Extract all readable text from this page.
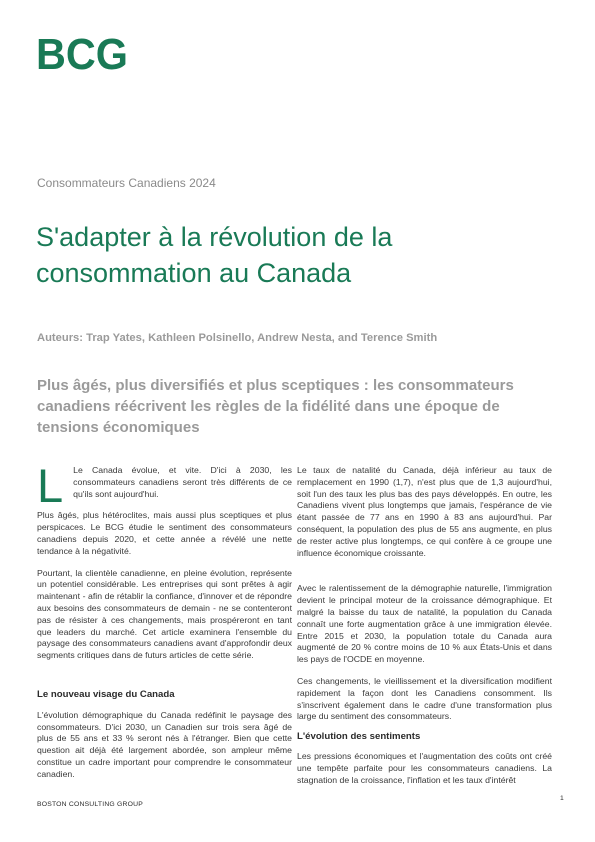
BCG
Consommateurs Canadiens 2024
S'adapter à la révolution de la consommation au Canada
Auteurs: Trap Yates, Kathleen Polsinello, Andrew Nesta, and Terence Smith
Plus âgés, plus diversifiés et plus sceptiques : les consommateurs canadiens réécrivent les règles de la fidélité dans une époque de tensions économiques

L Le Canada évolue, et vite. D'ici à 2030, les consommateurs canadiens seront très différents de ce qu'ils sont aujourd'hui.

Plus âgés, plus hétéroclites, mais aussi plus sceptiques et plus perspicaces. Le BCG étudie le sentiment des consommateurs canadiens depuis 2020, et cette année a révélé une nette tendance à la négativité.

Pourtant, la clientèle canadienne, en pleine évolution, représente un potentiel considérable. Les entreprises qui sont prêtes à agir maintenant - afin de rétablir la confiance, d'innover et de répondre aux besoins des consommateurs de demain - ne se contenteront pas de résister à ces changements, mais prospéreront en tant que leaders du marché. Cet article examinera l'ensemble du paysage des consommateurs canadiens avant d'approfondir deux segments critiques dans de futurs articles de cette série.

Le nouveau visage du Canada

L'évolution démographique du Canada redéfinit le paysage des consommateurs. D'ici 2030, un Canadien sur trois sera âgé de plus de 55 ans et 33 % seront nés à l'étranger. Bien que cette question ait déjà été largement abordée, son ampleur même constitue un cadre important pour comprendre le consommateur canadien.

Le taux de natalité du Canada, déjà inférieur au taux de remplacement en 1990 (1,7), n'est plus que de 1,3 aujourd'hui, soit l'un des taux les plus bas des pays développés. En outre, les Canadiens vivent plus longtemps que jamais, l'espérance de vie étant passée de 77 ans en 1990 à 83 ans aujourd'hui. Par conséquent, la population des plus de 55 ans augmente, en plus de rester active plus longtemps, ce qui confère à ce groupe une influence économique croissante.

Avec le ralentissement de la démographie naturelle, l'immigration devient le principal moteur de la croissance démographique. Et malgré la baisse du taux de natalité, la population du Canada connaît une forte augmentation grâce à une immigration élevée. Entre 2015 et 2030, la population totale du Canada aura augmenté de 20 % contre moins de 10 % aux États-Unis et dans les pays de l'OCDE en moyenne.

Ces changements, le vieillissement et la diversification modifient rapidement la façon dont les Canadiens consomment. Ils s'inscrivent également dans le cadre d'une transformation plus large du sentiment des consommateurs.

L'évolution des sentiments

Les pressions économiques et l'augmentation des coûts ont créé une tempête parfaite pour les consommateurs canadiens. La stagnation de la croissance, l'inflation et les taux d'intérêt

BOSTON CONSULTING GROUP
1
